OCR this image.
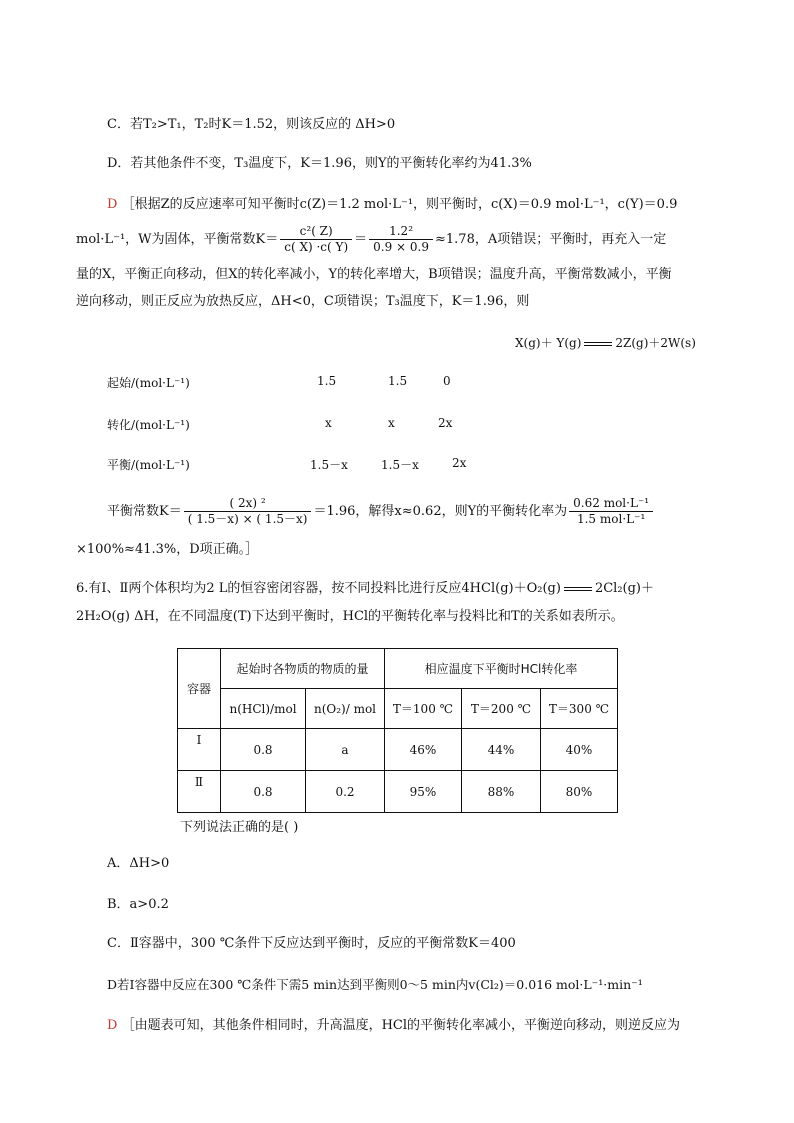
C．若T₂>T₁，T₂时K＝1.52，则该反应的 ΔH>0
D．若其他条件不变，T₃温度下，K＝1.96，则Y的平衡转化率约为41.3%
D ［根据Z的反应速率可知平衡时c(Z)＝1.2 mol·L⁻¹，则平衡时，c(X)＝0.9 mol·L⁻¹，c(Y)＝0.9
mol·L⁻¹，W为固体，平衡常数$K= \frac{\text{c²( Z)}}{c( X) \cdot c( Y)} = \frac{\text{1.2²}}{0.9 \times 0.9} \approx 1.78$，A项错误；平衡时，再充入一定
量的X，平衡正向移动，但X的转化率减小，Y的转化率增大，B项错误；温度升高，平衡常数减小，平衡
逆向移动，则正反应为放热反应，ΔH<0，C项错误；T₃温度下，K＝1.96，则
X(g)＋ Y(g)	2Z(g)＋2W(s)
起始/(mol·L⁻¹)	1.5	1.5	0
转化/(mol·L⁻¹)	x	x	2x
平衡/(mol·L⁻¹)	1.5－x	1.5－x	2x
平衡常数$K= \frac{\text{( 2x) ²}}{( 1.5-x) \times ( 1.5-x)} =1.96$，解得x≈0.62，则Y的平衡转化率为 $\frac{\text{0.62 mol·L⁻¹}}{\text{1.5 mol·L⁻¹}}$
×100%≈41.3%，D项正确。］
6.有Ⅰ、Ⅱ两个体积均为2 L的恒容密闭容器，按不同投料比进行反应4HCl(g)＋O₂(g)	2Cl₂(g)＋
2H₂O(g) ΔH，在不同温度(T)下达到平衡时，HCl的平衡转化率与投料比和T的关系如表所示。
容器	起始时各物质的物质的量		相应温度下平衡时HCl转化率		
	n(HCl)/mol	n(O₂)/ mol	T＝100 ℃	T＝200 ℃	T＝300 ℃
Ⅰ	0.8	a	46%	44%	40%
Ⅱ	0.8	0.2	95%	88%	80%
下列说法正确的是( )
A．ΔH>0
B．a>0.2
C．Ⅱ容器中，300 ℃条件下反应达到平衡时，反应的平衡常数K＝400
D若Ⅰ容器中反应在300 ℃条件下需5 min达到平衡则0～5 min内v(Cl₂)＝0.016 mol·L⁻¹·min⁻¹
D ［由题表可知，其他条件相同时，升高温度，HCl的平衡转化率减小，平衡逆向移动，则逆反应为
